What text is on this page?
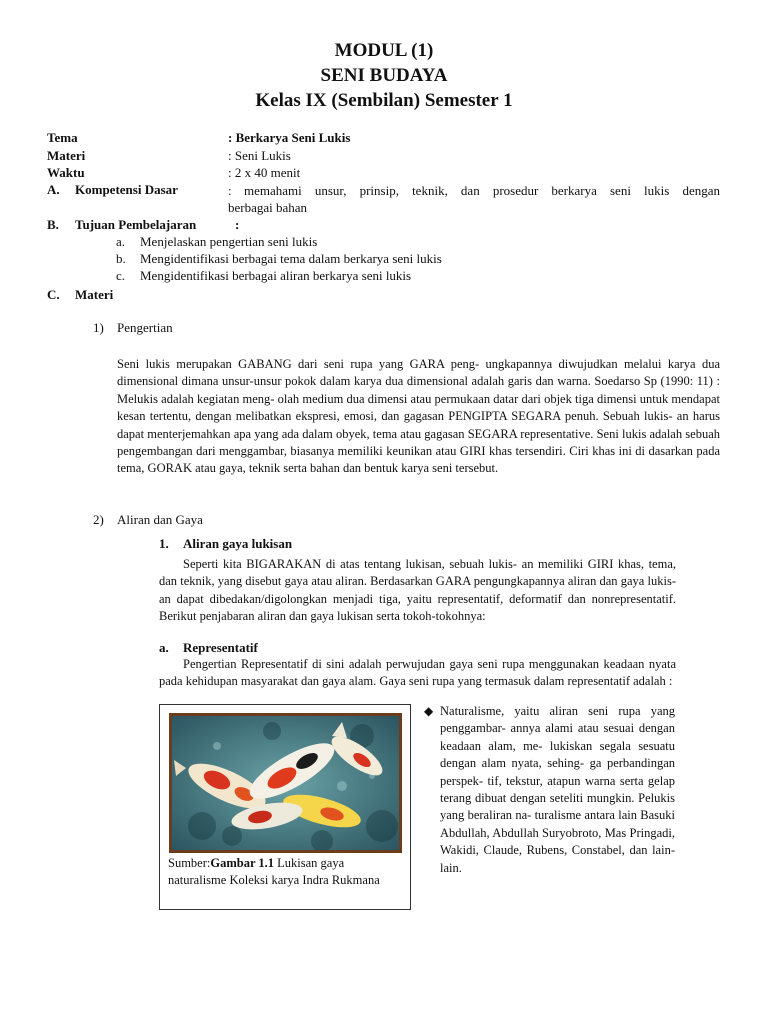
MODUL (1)
SENI BUDAYA
Kelas IX (Sembilan) Semester 1
Tema	: Berkarya Seni Lukis
Materi	: Seni Lukis
Waktu	: 2 x 40 menit
A. Kompetensi Dasar	: memahami unsur, prinsip, teknik, dan prosedur berkarya seni lukis dengan
berbagai bahan
B. Tujuan Pembelajaran	:
a. Menjelaskan pengertian seni lukis
b. Mengidentifikasi berbagai tema dalam berkarya seni lukis
c. Mengidentifikasi berbagai aliran berkarya seni lukis
C. Materi
1) Pengertian
Seni lukis merupakan GABANG dari seni rupa yang GARA peng- ungkapannya diwujudkan melalui karya dua dimensional dimana unsur-unsur pokok dalam karya dua dimensional adalah garis dan warna. Soedarso Sp (1990: 11) : Melukis adalah kegiatan meng- olah medium dua dimensi atau permukaan datar dari objek tiga dimensi untuk mendapat kesan tertentu, dengan melibatkan ekspresi, emosi, dan gagasan PENGIPTA SEGARA penuh. Sebuah lukis- an harus dapat menterjemahkan apa yang ada dalam obyek, tema atau gagasan SEGARA representative. Seni lukis adalah sebuah pengembangan dari menggambar, biasanya memiliki keunikan atau GIRI khas tersendiri. Ciri khas ini di dasarkan pada tema, GORAK atau gaya, teknik serta bahan dan bentuk karya seni tersebut.
2) Aliran dan Gaya
1. Aliran gaya lukisan
Seperti kita BIGARAKAN di atas tentang lukisan, sebuah lukis- an memiliki GIRI khas, tema, dan teknik, yang disebut gaya atau aliran. Berdasarkan GARA pengungkapannya aliran dan gaya lukis- an dapat dibedakan/digolongkan menjadi tiga, yaitu representatif, deformatif dan nonrepresentatif. Berikut penjabaran aliran dan gaya lukisan serta tokoh-tokohnya:
a. Representatif
Pengertian Representatif di sini adalah perwujudan gaya seni rupa menggunakan keadaan nyata pada kehidupan masyarakat dan gaya alam. Gaya seni rupa yang termasuk dalam representatif adalah :
Sumber:Gambar 1.1 Lukisan gaya naturalisme Koleksi karya Indra Rukmana
◆ Naturalisme, yaitu aliran seni rupa yang penggambar- annya alami atau sesuai dengan keadaan alam, me- lukiskan segala sesuatu dengan alam nyata, sehing- ga perbandingan perspek- tif, tekstur, atapun warna serta gelap terang dibuat dengan seteliti mungkin. Pelukis yang beraliran na- turalisme antara lain Basuki Abdullah, Abdullah Suryobroto, Mas Pringadi, Wakidi, Claude, Rubens, Constabel, dan lain-lain.
